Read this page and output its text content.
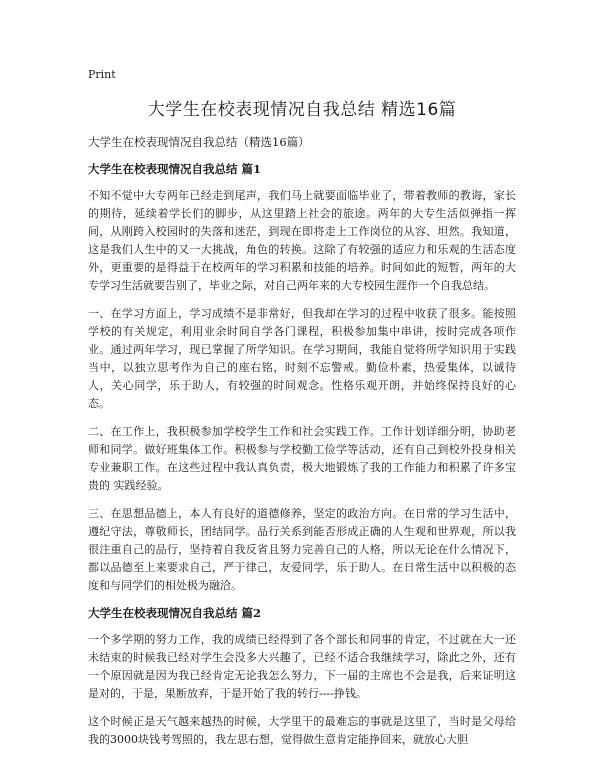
Print
大学生在校表现情况自我总结 精选16篇
大学生在校表现情况自我总结（精选16篇）
大学生在校表现情况自我总结 篇1

不知不觉中大专两年已经走到尾声，我们马上就要面临毕业了，带着教师的教诲，家长的期待，延续着学长们的脚步，从这里踏上社会的旅途。两年的大专生活似弹指一挥间，从刚跨入校园时的失落和迷茫，到现在即将走上工作岗位的从容、坦然。我知道，这是我们人生中的又一大挑战，角色的转换。这除了有较强的适应力和乐观的生活态度外，更重要的是得益于在校两年的学习积累和技能的培养。时间如此的短暂，两年的大专学习生活就要告别了，毕业之际，对自己两年来的大专校园生涯作一个自我总结。

一、在学习方面上，学习成绩不是非常好，但我却在学习的过程中收获了很多。能按照学校的有关规定，利用业余时间自学各门课程，积极参加集中串讲，按时完成各项作业。通过两年学习，现已掌握了所学知识。在学习期间，我能自觉将所学知识用于实践当中，以独立思考作为自己的座右铭，时刻不忘警戒。勤俭朴素，热爱集体，以诚待人，关心同学，乐于助人，有较强的时间观念。性格乐观开朗，并始终保持良好的心态。

二、在工作上，我积极参加学校学生工作和社会实践工作。工作计划详细分明，协助老师和同学。做好班集体工作。积极参与学校勤工俭学等活动，还有自己到校外投身相关专业兼职工作。在这些过程中我认真负责，极大地锻炼了我的工作能力和积累了许多宝贵的 实践经验。

三、在思想品德上，本人有良好的道德修养，坚定的政治方向。在日常的学习生活中，遵纪守法，尊敬师长，团结同学。品行关系到能否形成正确的人生观和世界观，所以我很注重自己的品行，坚持着自我反省且努力完善自己的人格，所以无论在什么情况下，都以品德至上来要求自己，严于律己，友爱同学，乐于助人。在日常生活中以积极的态度和与同学们的相处极为融洽。

大学生在校表现情况自我总结 篇2

一个多学期的努力工作，我的成绩已经得到了各个部长和同事的肯定，不过就在大一还未结束的时候我已经对学生会没多大兴趣了，已经不适合我继续学习，除此之外，还有一个原因就是因为我已经肯定无论我怎么努力，下一届的主席也不会是我，后来证明这是对的，于是，果断放弃，于是开始了我的转行----挣钱。

这个时候正是天气越来越热的时候，大学里干的最难忘的事就是这里了，当时是父母给我的3000块钱考驾照的，我左思右想，觉得做生意肯定能挣回来，就放心大胆
